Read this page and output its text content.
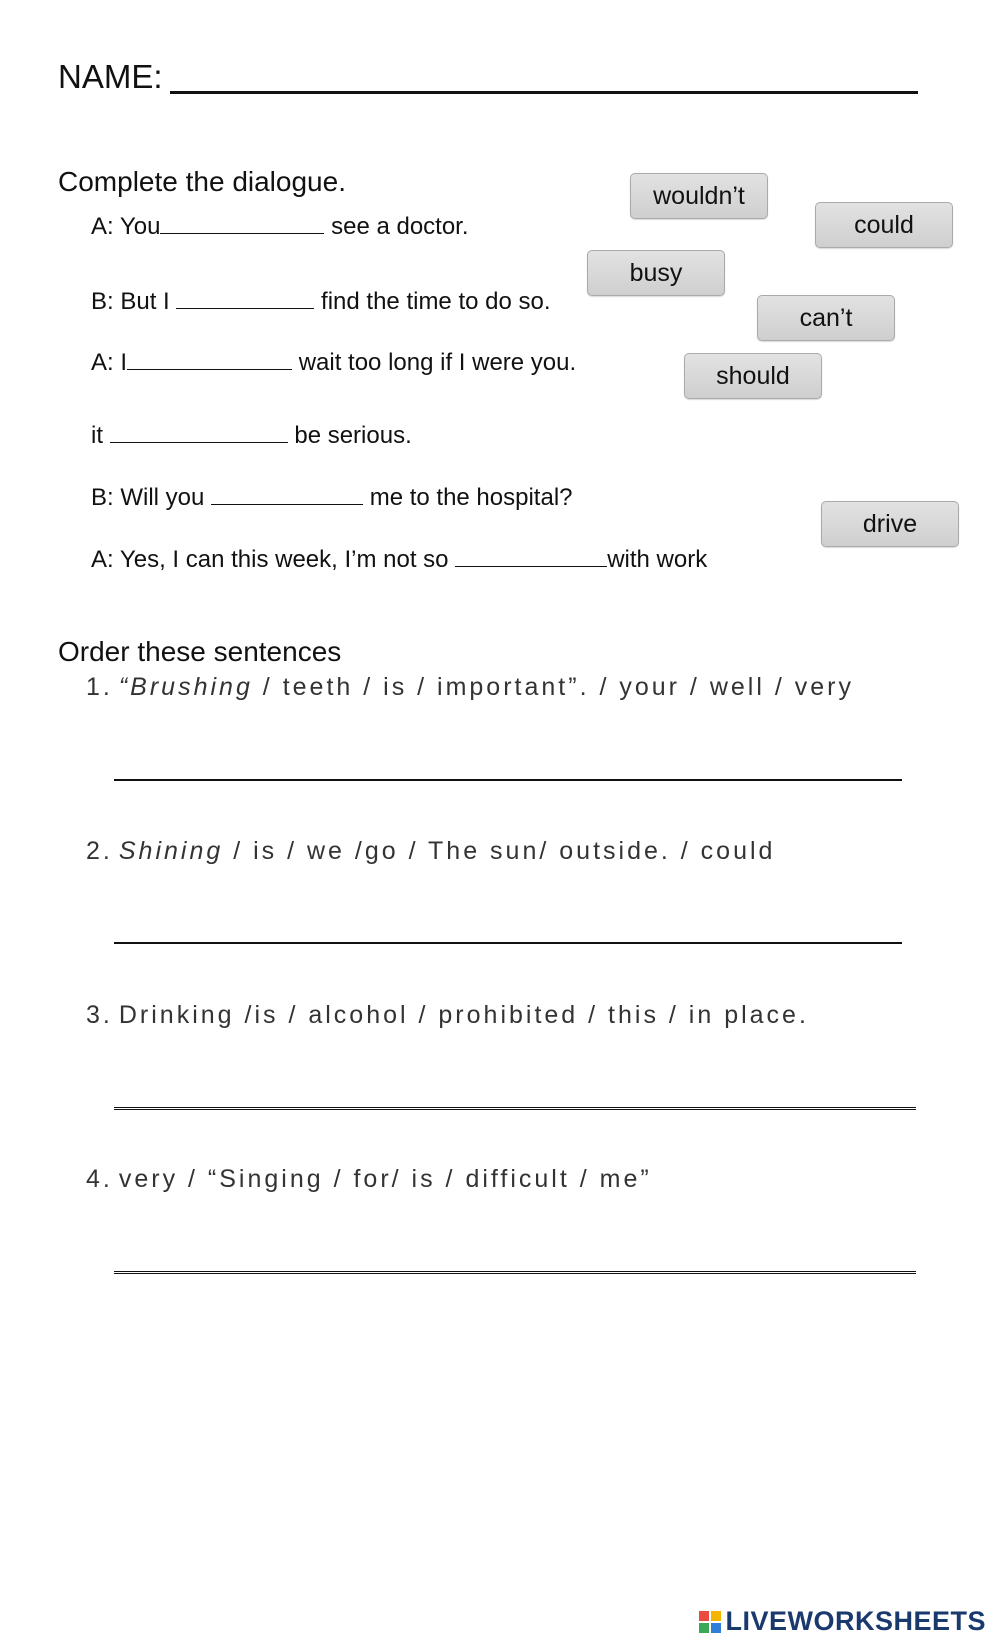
NAME:
Complete the dialogue.
A: You	see a doctor.
B: But I	find the time to do so.
A: I	wait too long if I were you.
it	be serious.
B: Will you	me to the hospital?
A: Yes, I can this week, I’m not so	with work
wouldn’t
could
busy
can’t
should
drive
Order these sentences
1. “Brushing / teeth / is / important”. / your / well / very
2. Shining / is / we /go / The sun/ outside. / could
3. Drinking /is / alcohol / prohibited / this / in place.
4. very / “Singing / for/ is / difficult / me”
LIVEWORKSHEETS
